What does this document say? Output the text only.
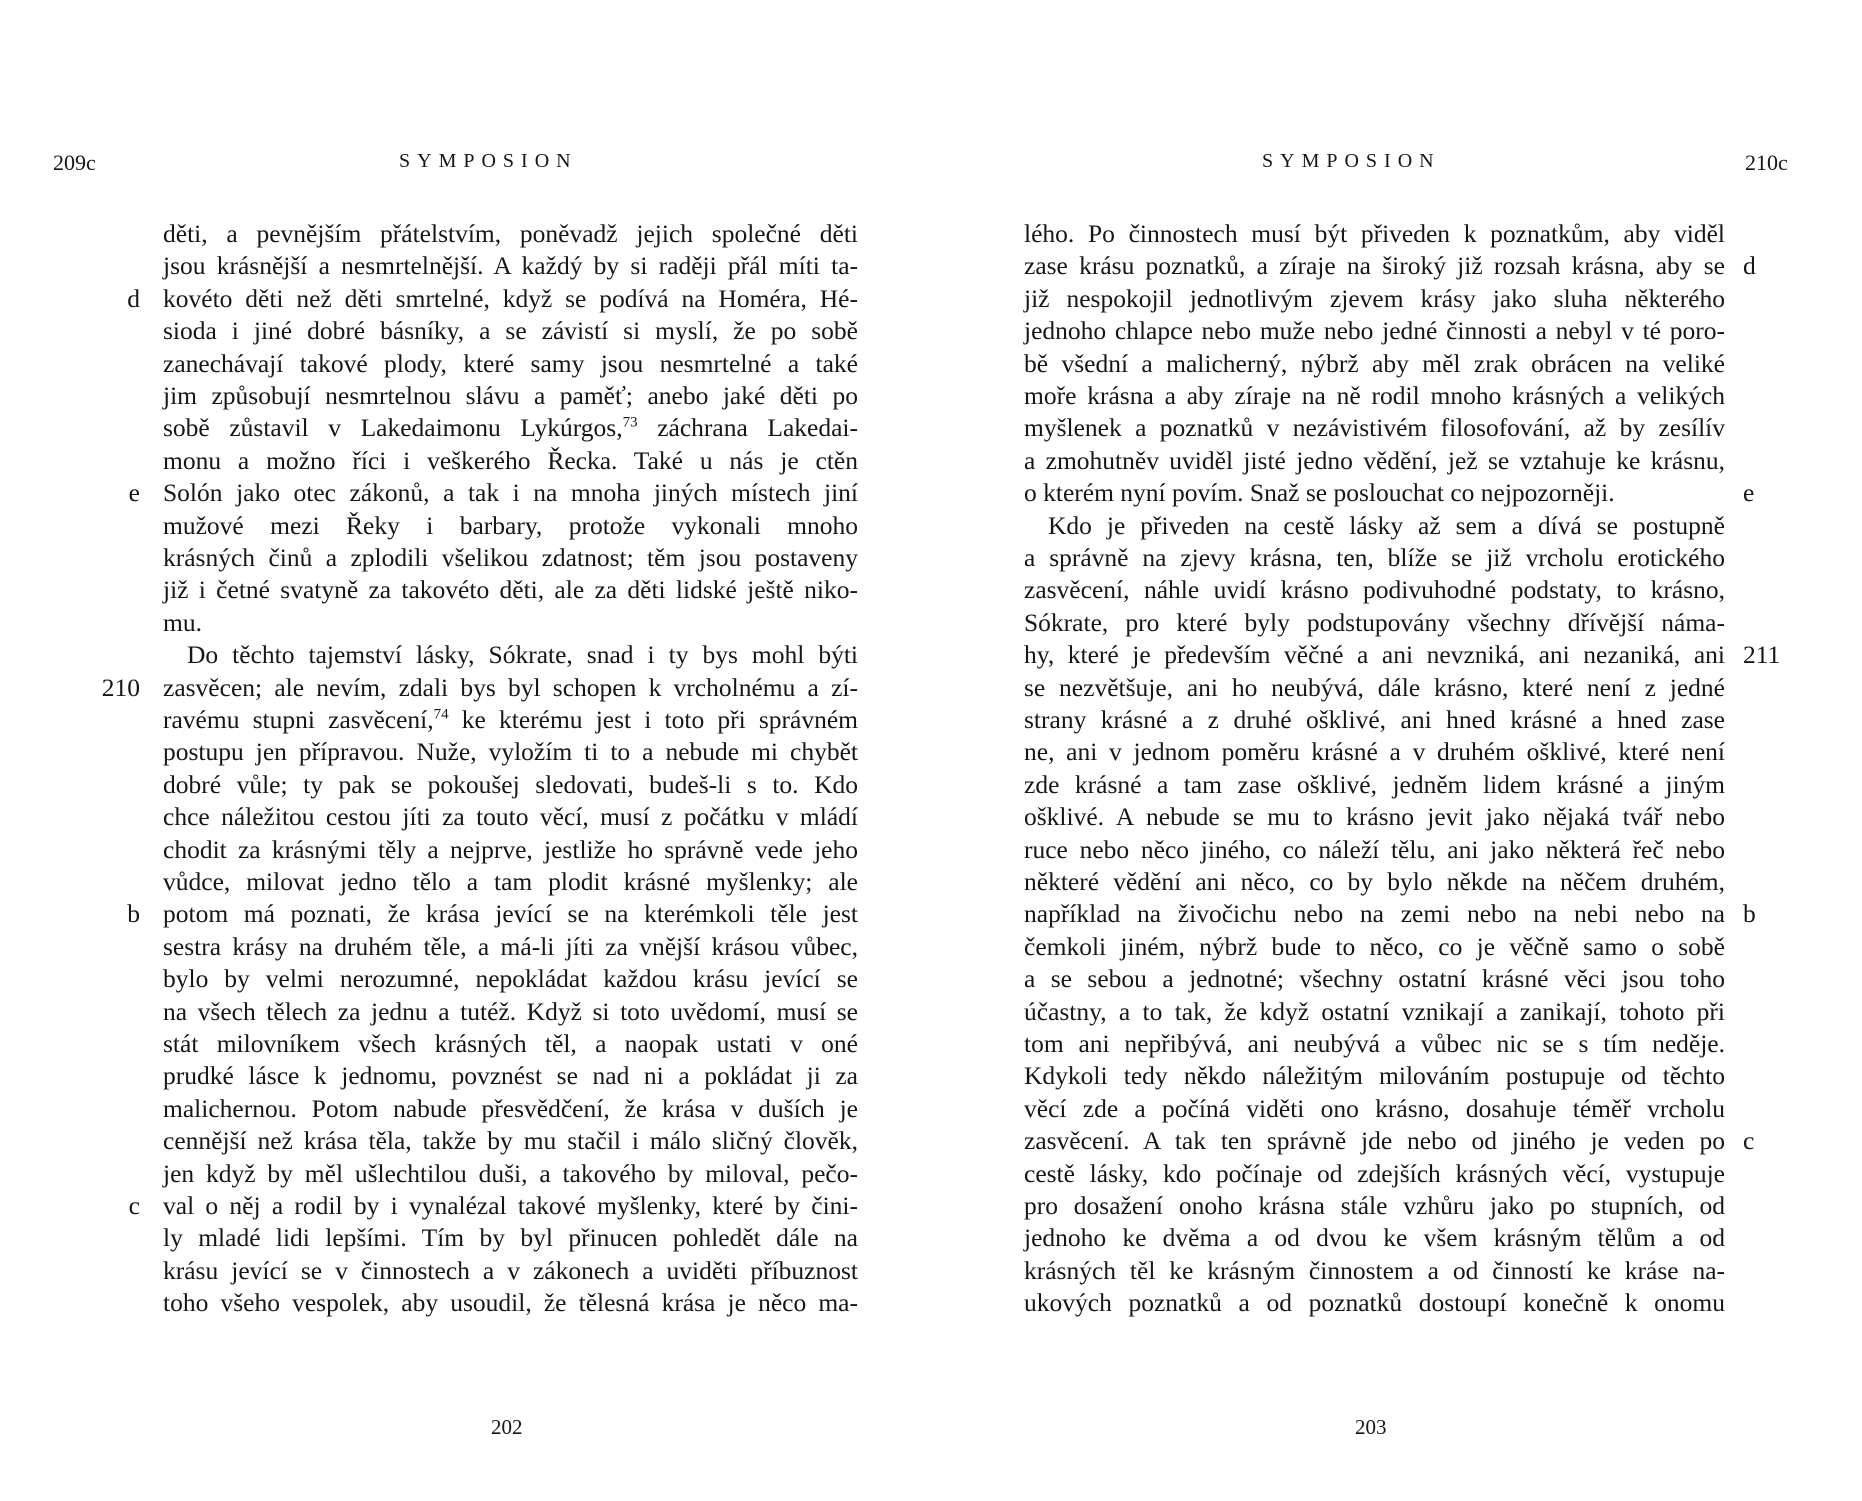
209c	SYMPOSION
děti, a pevnějším přátelstvím, poněvadž jejich společné děti
jsou krásnější a nesmrtelnější. A každý by si raději přál míti ta-
kovéto děti než děti smrtelné, když se podívá na Homéra, Hé-
sioda i jiné dobré básníky, a se závistí si myslí, že po sobě
zanechávají takové plody, které samy jsou nesmrtelné a také
jim způsobují nesmrtelnou slávu a paměť; anebo jaké děti po
sobě zůstavil v Lakedaimonu Lykúrgos,$^{73}$ záchrana Lakedai-
monu a možno říci i veškerého Řecka. Také u nás je ctěn
Solón jako otec zákonů, a tak i na mnoha jiných místech jiní
mužové mezi Řeky i barbary, protože vykonali mnoho
krásných činů a zplodili všelikou zdatnost; těm jsou postaveny
již i četné svatyně za takovéto děti, ale za děti lidské ještě niko-
mu.
Do těchto tajemství lásky, Sókrate, snad i ty bys mohl býti
zasvěcen; ale nevím, zdali bys byl schopen k vrcholnému a zí-
ravému stupni zasvěcení,$^{74}$ ke kterému jest i toto při správném
postupu jen přípravou. Nuže, vyložím ti to a nebude mi chybět
dobré vůle; ty pak se pokoušej sledovati, budeš-li s to. Kdo
chce náležitou cestou jíti za touto věcí, musí z počátku v mládí
chodit za krásnými těly a nejprve, jestliže ho správně vede jeho
vůdce, milovat jedno tělo a tam plodit krásné myšlenky; ale
potom má poznati, že krása jevící se na kterémkoli těle jest
sestra krásy na druhém těle, a má-li jíti za vnější krásou vůbec,
bylo by velmi nerozumné, nepokládat každou krásu jevící se
na všech tělech za jednu a tutéž. Když si toto uvědomí, musí se
stát milovníkem všech krásných těl, a naopak ustati v oné
prudké lásce k jednomu, povznést se nad ni a pokládat ji za
malichernou. Potom nabude přesvědčení, že krása v duších je
cennější než krása těla, takže by mu stačil i málo sličný člověk,
jen když by měl ušlechtilou duši, a takového by miloval, pečo-
val o něj a rodil by i vynalézal takové myšlenky, které by čini-
ly mladé lidi lepšími. Tím by byl přinucen pohledět dále na
krásu jevící se v činnostech a v zákonech a uviděti příbuznost
toho všeho vespolek, aby usoudil, že tělesná krása je něco ma-
d
e
210
b
c
202
SYMPOSION	210c
lého. Po činnostech musí být přiveden k poznatkům, aby viděl
zase krásu poznatků, a zíraje na široký již rozsah krásna, aby se
již nespokojil jednotlivým zjevem krásy jako sluha některého
jednoho chlapce nebo muže nebo jedné činnosti a nebyl v té poro-
bě všední a malicherný, nýbrž aby měl zrak obrácen na veliké
moře krásna a aby zíraje na ně rodil mnoho krásných a velikých
myšlenek a poznatků v nezávistivém filosofování, až by zesílív
a zmohutněv uviděl jisté jedno vědění, jež se vztahuje ke krásnu,
o kterém nyní povím. Snaž se poslouchat co nejpozorněji.
Kdo je přiveden na cestě lásky až sem a dívá se postupně
a správně na zjevy krásna, ten, blíže se již vrcholu erotického
zasvěcení, náhle uvidí krásno podivuhodné podstaty, to krásno,
Sókrate, pro které byly podstupovány všechny dřívější náma-
hy, které je především věčné a ani nevzniká, ani nezaniká, ani
se nezvětšuje, ani ho neubývá, dále krásno, které není z jedné
strany krásné a z druhé ošklivé, ani hned krásné a hned zase
ne, ani v jednom poměru krásné a v druhém ošklivé, které není
zde krásné a tam zase ošklivé, jedněm lidem krásné a jiným
ošklivé. A nebude se mu to krásno jevit jako nějaká tvář nebo
ruce nebo něco jiného, co náleží tělu, ani jako některá řeč nebo
některé vědění ani něco, co by bylo někde na něčem druhém,
například na živočichu nebo na zemi nebo na nebi nebo na
čemkoli jiném, nýbrž bude to něco, co je věčně samo o sobě
a se sebou a jednotné; všechny ostatní krásné věci jsou toho
účastny, a to tak, že když ostatní vznikají a zanikají, tohoto při
tom ani nepřibývá, ani neubývá a vůbec nic se s tím neděje.
Kdykoli tedy někdo náležitým milováním postupuje od těchto
věcí zde a počíná viděti ono krásno, dosahuje téměř vrcholu
zasvěcení. A tak ten správně jde nebo od jiného je veden po
cestě lásky, kdo počínaje od zdejších krásných věcí, vystupuje
pro dosažení onoho krásna stále vzhůru jako po stupních, od
jednoho ke dvěma a od dvou ke všem krásným tělům a od
krásných těl ke krásným činnostem a od činností ke kráse na-
ukových poznatků a od poznatků dostoupí konečně k onomu
d
e
211
b
c
203
